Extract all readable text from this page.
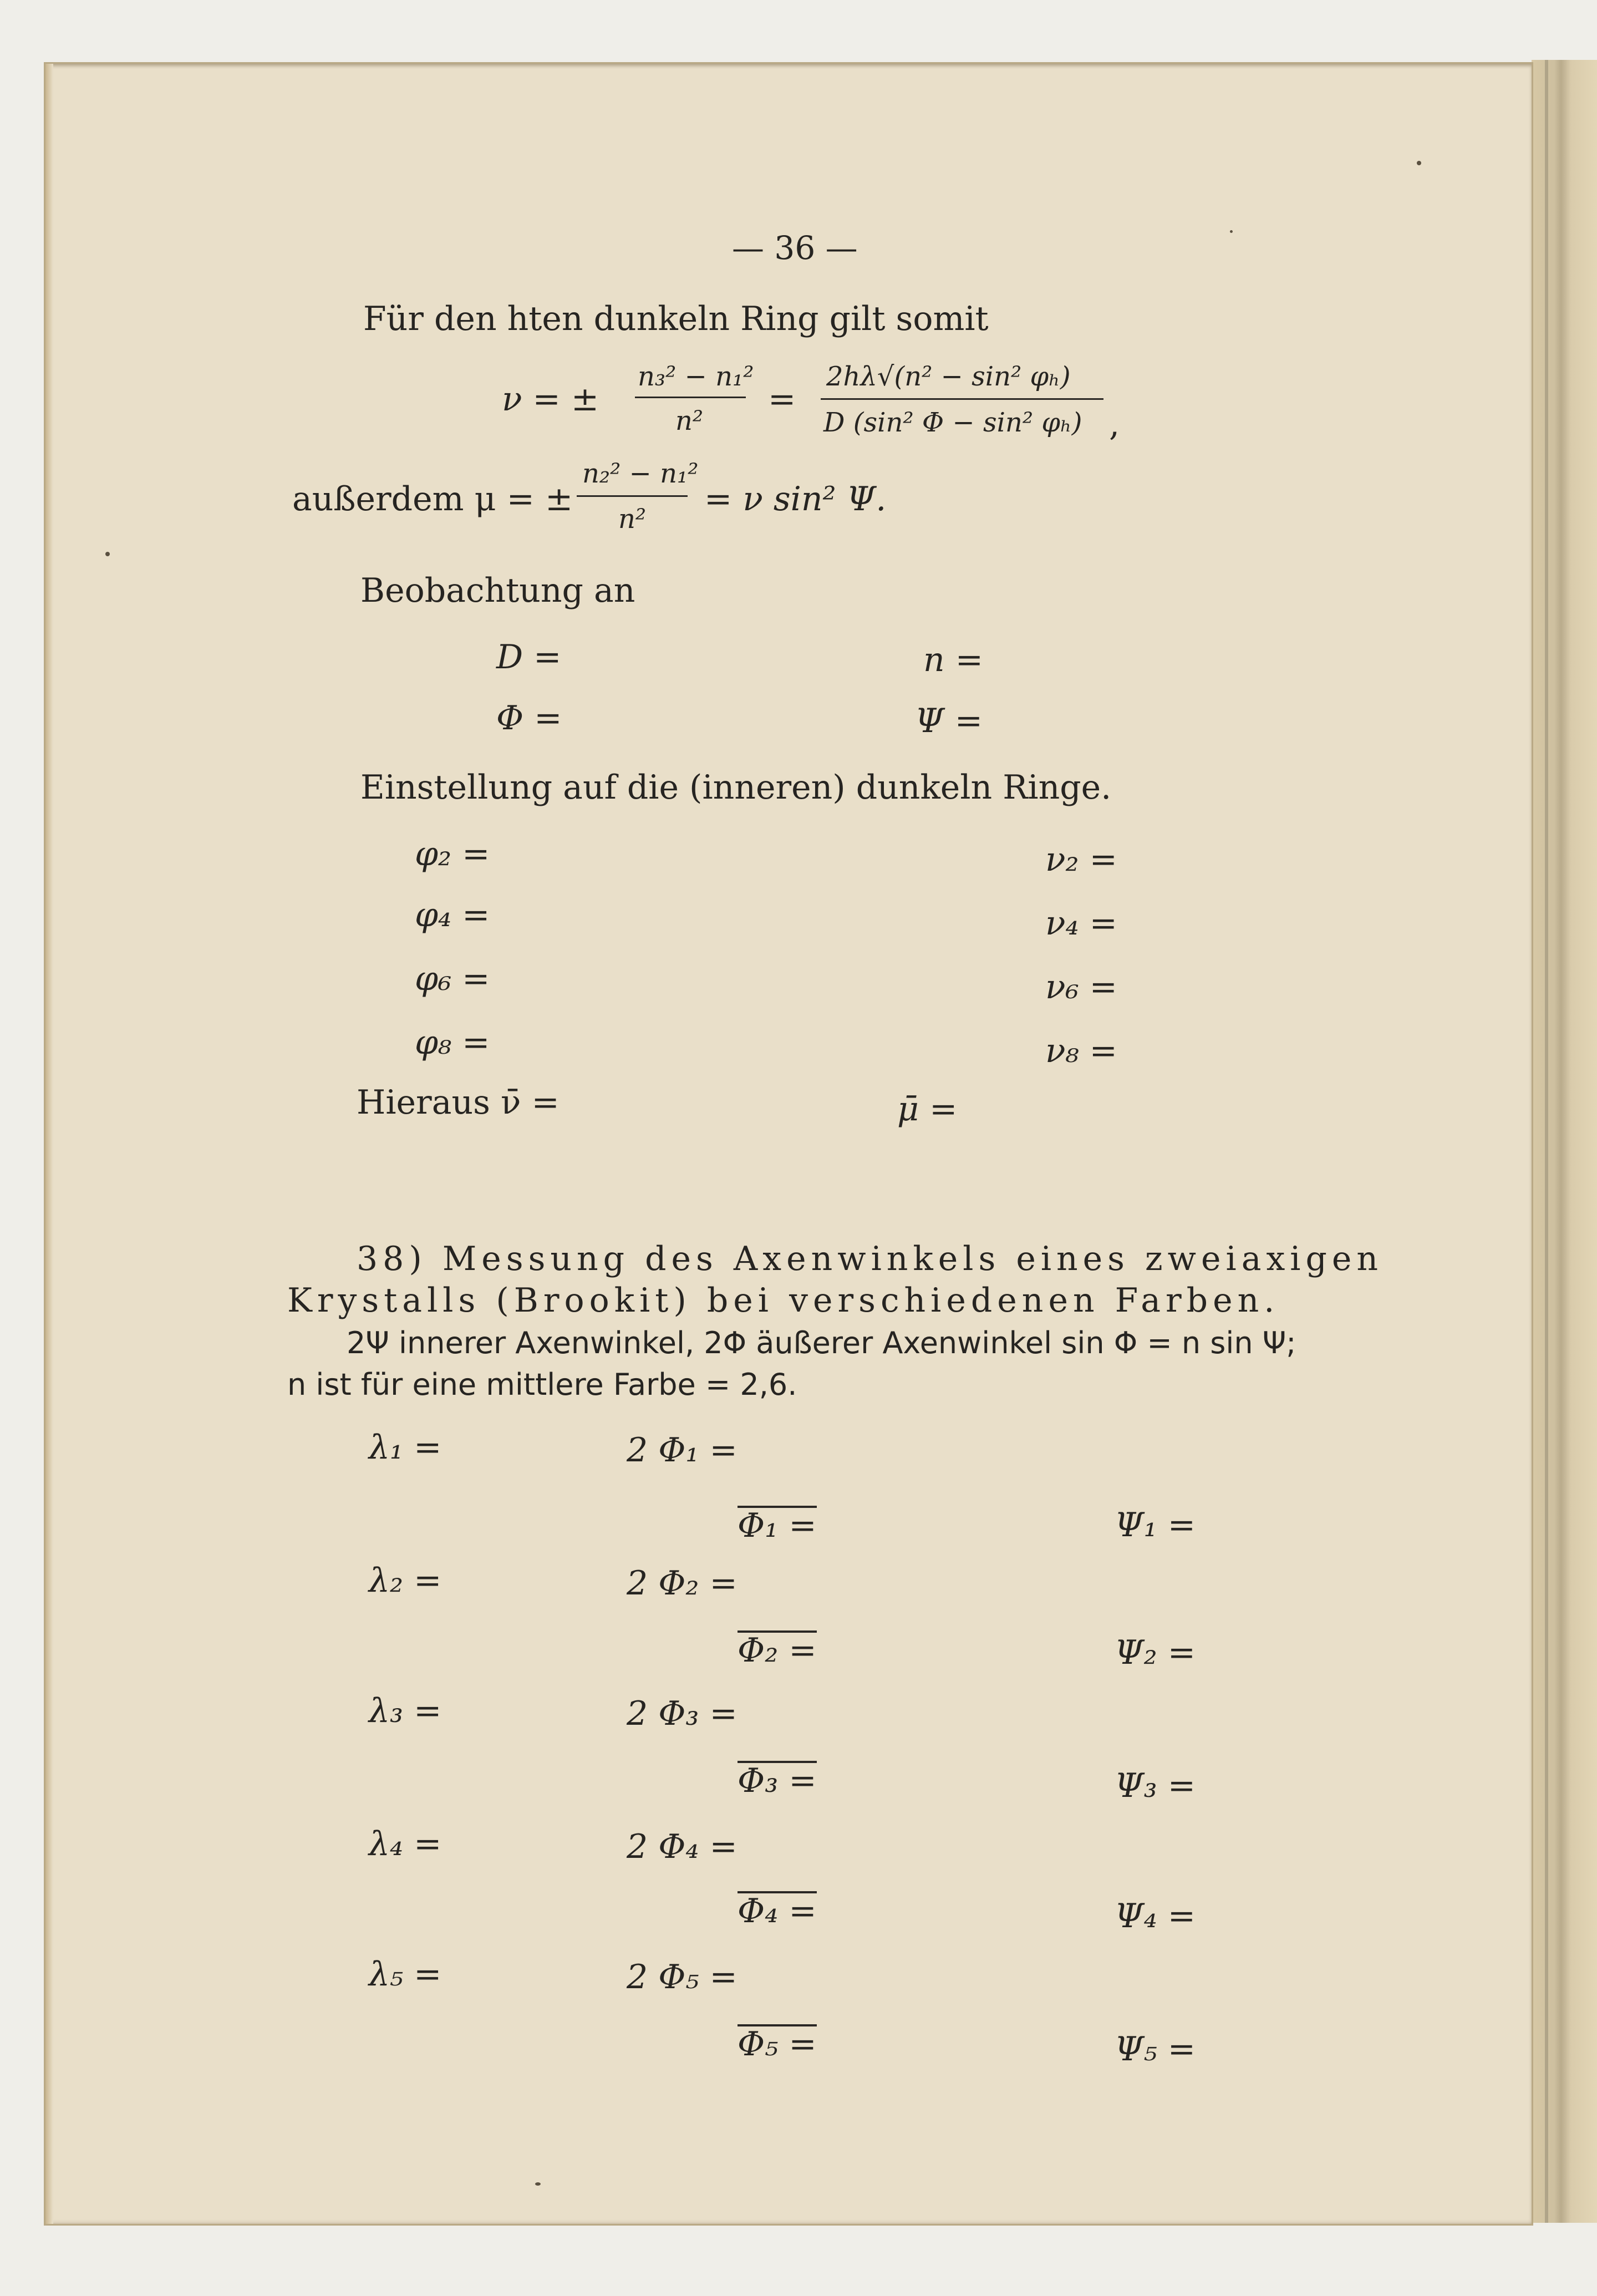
— 36 —
Für den hten dunkeln Ring gilt somit
ν = ±
n₃² − n₁²
n²
=
2hλ√(n² − sin² φₕ)
D (sin² Φ − sin² φₕ) ,
außerdem μ = ±
n₂² − n₁²
n²
= ν sin² Ψ.
Beobachtung an
D =	n =
Φ =	Ψ =
Einstellung auf die (inneren) dunkeln Ringe.
φ₂ =	ν₂ =
φ₄ =	ν₄ =
φ₆ =	ν₆ =
φ₈ =	ν₈ =
Hieraus ν̄ =	μ̄ =
38) Messung des Axenwinkels eines zweiaxigen
Krystalls (Brookit) bei verschiedenen Farben.
2Ψ innerer Axenwinkel, 2Φ äußerer Axenwinkel sin Φ = n sin Ψ;
n ist für eine mittlere Farbe = 2,6.
λ₁ =	2 Φ₁ =
Φ₁ =	Ψ₁ =
λ₂ =	2 Φ₂ =
Φ₂ =	Ψ₂ =
λ₃ =	2 Φ₃ =
Φ₃ =	Ψ₃ =
λ₄ =	2 Φ₄ =
Φ₄ =	Ψ₄ =
λ₅ =	2 Φ₅ =
Φ₅ =	Ψ₅ =
